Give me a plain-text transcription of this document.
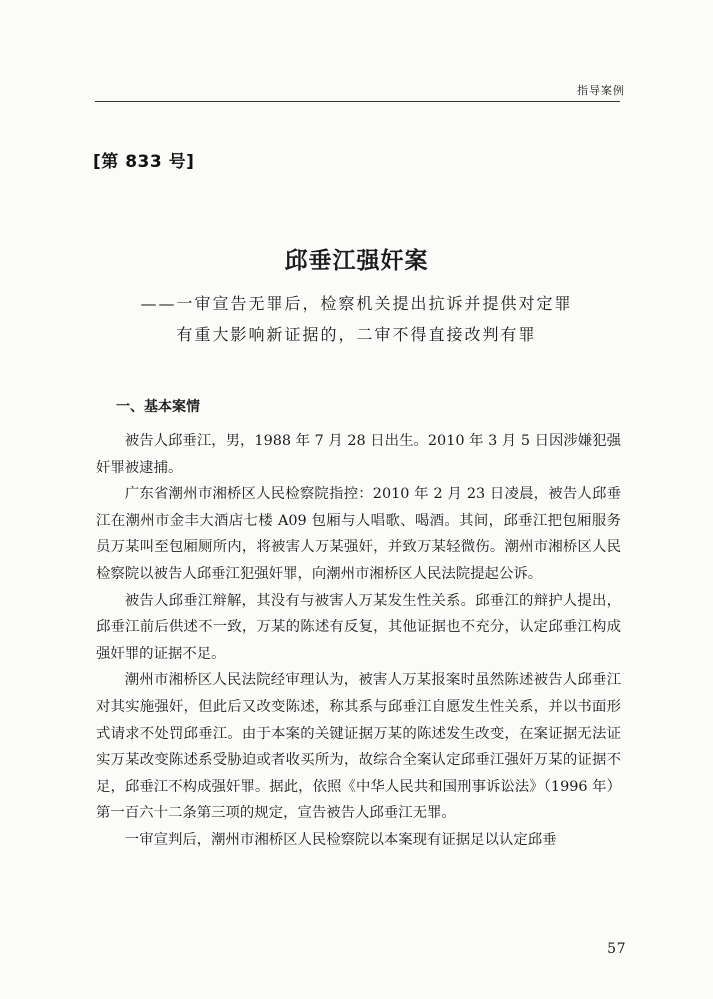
指导案例
[第 833 号]
邱垂江强奸案
——一审宣告无罪后，检察机关提出抗诉并提供对定罪
有重大影响新证据的，二审不得直接改判有罪
一、基本案情

被告人邱垂江，男，1988 年 7 月 28 日出生。2010 年 3 月 5 日因涉嫌犯强奸罪被逮捕。

广东省潮州市湘桥区人民检察院指控：2010 年 2 月 23 日凌晨，被告人邱垂江在潮州市金丰大酒店七楼 A09 包厢与人唱歌、喝酒。其间，邱垂江把包厢服务员万某叫至包厢厕所内，将被害人万某强奸，并致万某轻微伤。潮州市湘桥区人民检察院以被告人邱垂江犯强奸罪，向潮州市湘桥区人民法院提起公诉。

被告人邱垂江辩解，其没有与被害人万某发生性关系。邱垂江的辩护人提出，邱垂江前后供述不一致，万某的陈述有反复，其他证据也不充分，认定邱垂江构成强奸罪的证据不足。

潮州市湘桥区人民法院经审理认为，被害人万某报案时虽然陈述被告人邱垂江对其实施强奸，但此后又改变陈述，称其系与邱垂江自愿发生性关系，并以书面形式请求不处罚邱垂江。由于本案的关键证据万某的陈述发生改变，在案证据无法证实万某改变陈述系受胁迫或者收买所为，故综合全案认定邱垂江强奸万某的证据不足，邱垂江不构成强奸罪。据此，依照《中华人民共和国刑事诉讼法》（1996 年）第一百六十二条第三项的规定，宣告被告人邱垂江无罪。

一审宣判后，潮州市湘桥区人民检察院以本案现有证据足以认定邱垂

57
